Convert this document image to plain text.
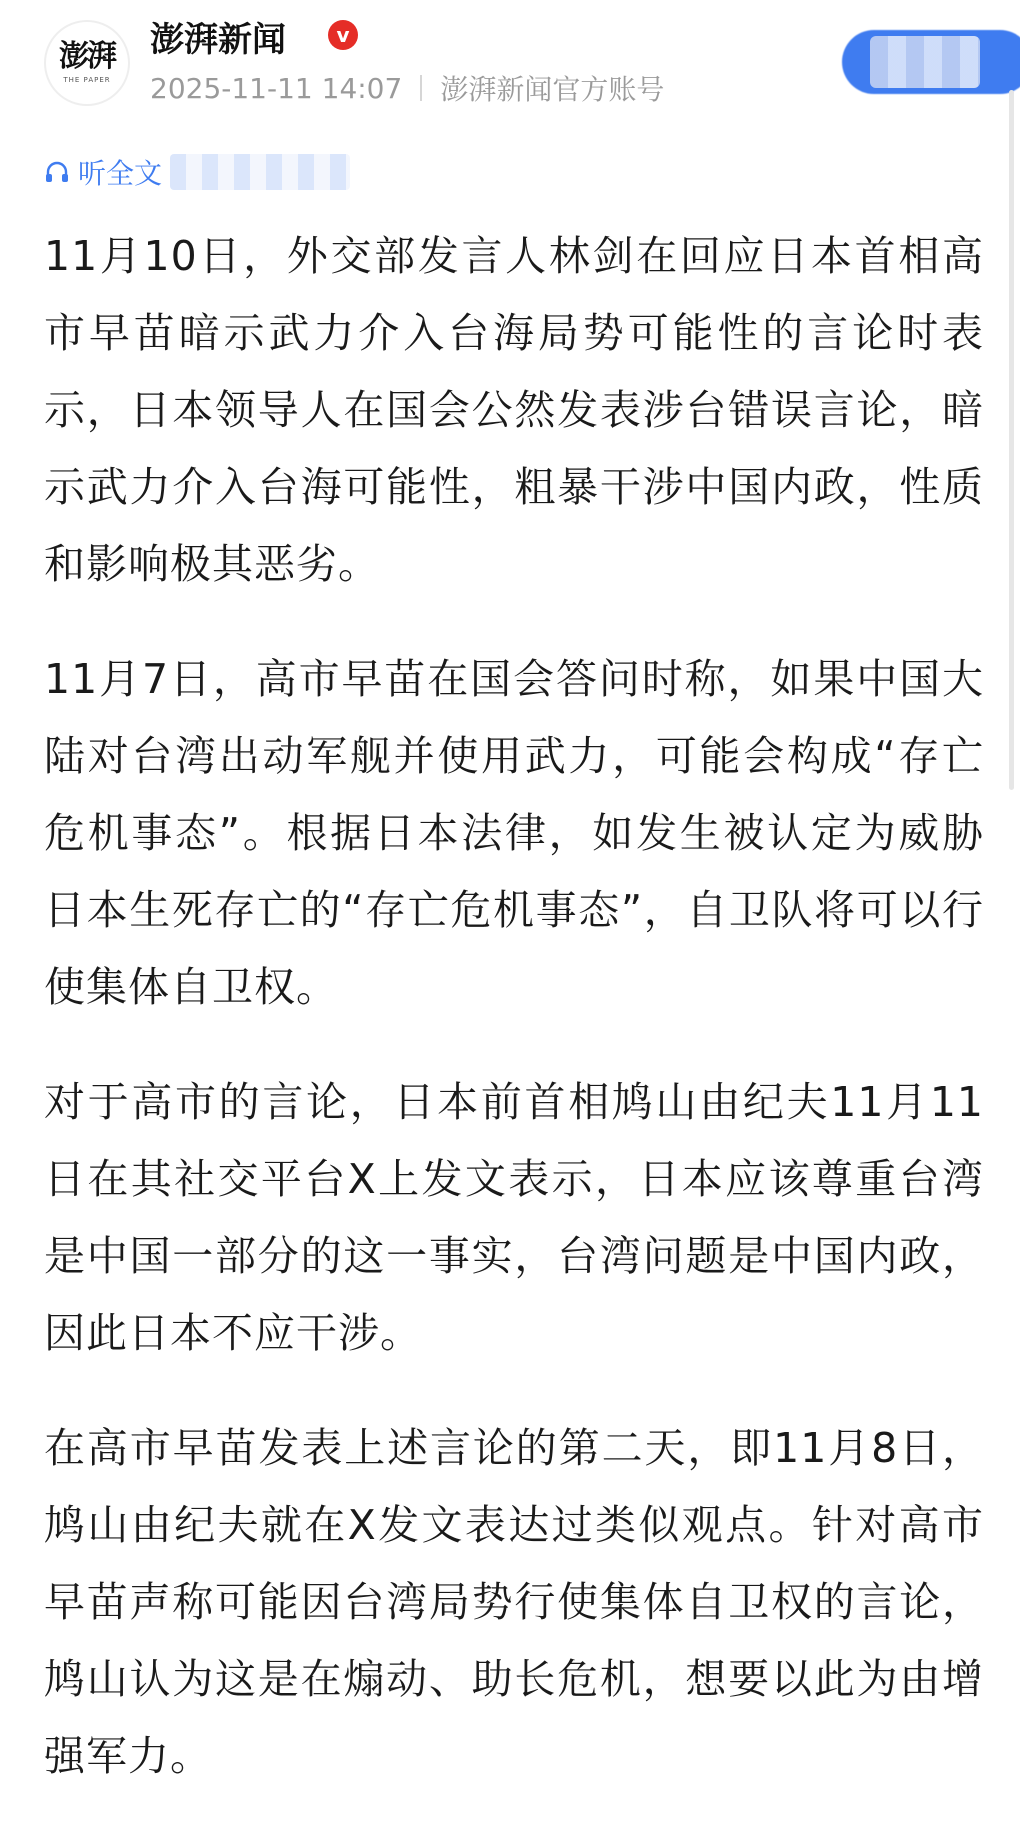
澎湃
THE PAPER
澎湃新闻	v
2025-11-11 14:07 澎湃新闻官方账号
听全文

11月10日，外交部发言人林剑在回应日本首相高市早苗暗示武力介入台海局势可能性的言论时表示，日本领导人在国会公然发表涉台错误言论，暗示武力介入台海可能性，粗暴干涉中国内政，性质和影响极其恶劣。

11月7日，高市早苗在国会答问时称，如果中国大陆对台湾出动军舰并使用武力，可能会构成“存亡危机事态”。根据日本法律，如发生被认定为威胁日本生死存亡的“存亡危机事态”，自卫队将可以行使集体自卫权。

对于高市的言论，日本前首相鸠山由纪夫11月11日在其社交平台X上发文表示，日本应该尊重台湾是中国一部分的这一事实，台湾问题是中国内政，因此日本不应干涉。

在高市早苗发表上述言论的第二天，即11月8日，鸠山由纪夫就在X发文表达过类似观点。针对高市早苗声称可能因台湾局势行使集体自卫权的言论，鸠山认为这是在煽动、助长危机，想要以此为由增强军力。
